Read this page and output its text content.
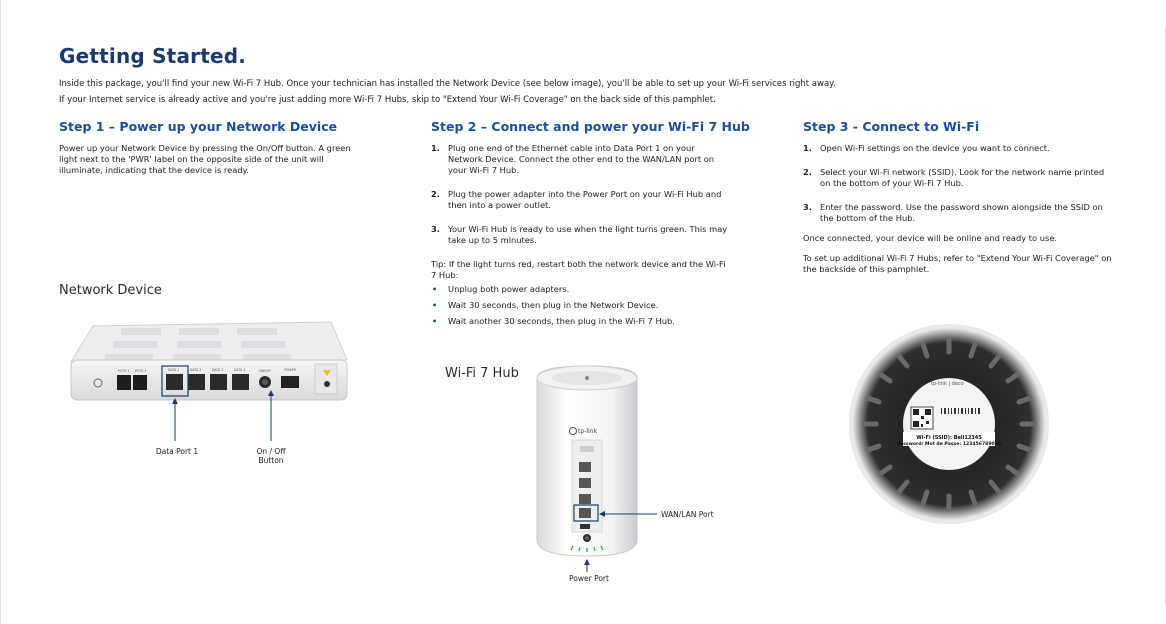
Getting Started.
Inside this package, you'll find your new Wi-Fi 7 Hub. Once your technician has installed the Network Device (see below image), you'll be able to set up your Wi-Fi services right away.
If your Internet service is already active and you're just adding more Wi-Fi 7 Hubs, skip to "Extend Your Wi-Fi Coverage" on the back side of this pamphlet.
Step 1 – Power up your Network Device

Power up your Network Device by pressing the On/Off button. A green light next to the 'PWR' label on the opposite side of the unit will illuminate, indicating that the device is ready.

Step 2 – Connect and power your Wi-Fi 7 Hub
1. Plug one end of the Ethernet cable into Data Port 1 on your Network Device. Connect the other end to the WAN/LAN port on your Wi-Fi 7 Hub.
2. Plug the power adapter into the Power Port on your Wi-Fi Hub and then into a power outlet.
3. Your Wi-Fi Hub is ready to use when the light turns green. This may take up to 5 minutes.

Tip: If the light turns red, restart both the network device and the Wi-Fi 7 Hub:

• Unplug both power adapters.
• Wait 30 seconds, then plug in the Network Device.
• Wait another 30 seconds, then plug in the Wi-Fi 7 Hub.
Step 3 - Connect to Wi-Fi
1. Open Wi-Fi settings on the device you want to connect.
2. Select your Wi-Fi network (SSID). Look for the network name printed on the bottom of your Wi-Fi 7 Hub.
3. Enter the password. Use the password shown alongside the SSID on the bottom of the Hub.

Once connected, your device will be online and ready to use.

To set up additional Wi-Fi 7 Hubs, refer to "Extend Your Wi-Fi Coverage" on the backside of this pamphlet.

Network Device
Wi-Fi 7 Hub
tp-link
tp-link | deco
Wi-Fi (SSID): Bell12345
Password/ Mot de Passe: 1234567890ab
POTS 1 POTS 2	DATA 1	DATA 2	DATA 3	DATA 4	ON/OFF	POWER
Data Port 1	On / Off
Button
WAN/LAN Port
Power Port
